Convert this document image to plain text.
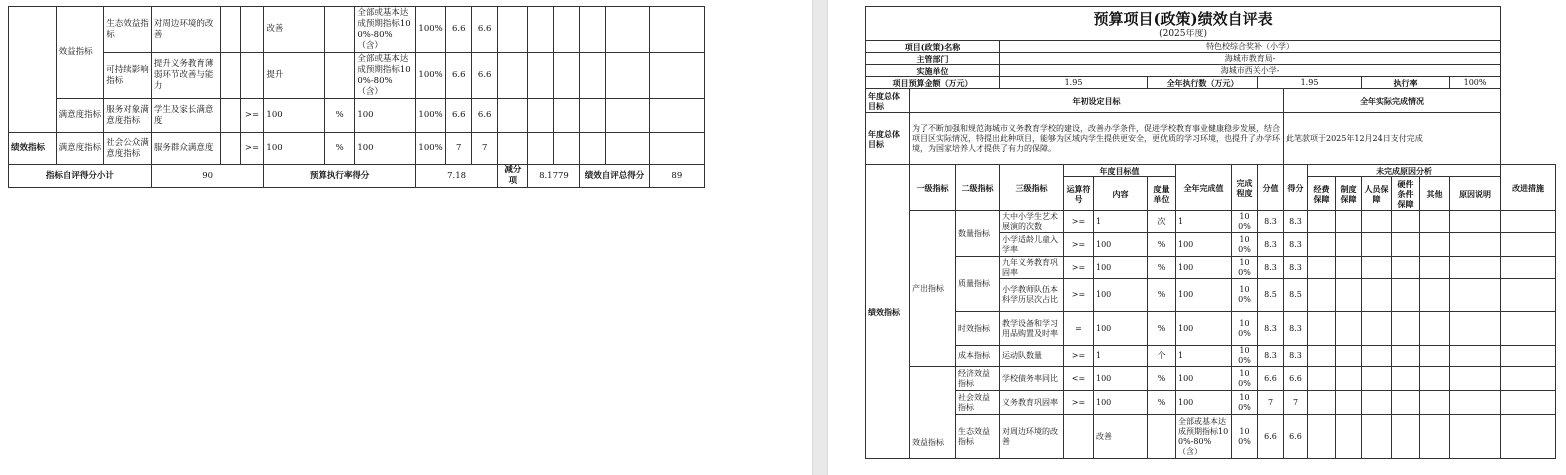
	效益指标	生态效益指标	对周边环境的改善			改善		全部或基本达成预期指标100%-80%（含）	100%	6.6	6.6						
		可持续影响指标	提升义务教育薄弱环节改善与能力			提升		全部或基本达成预期指标100%-80%（含）	100%	6.6	6.6						
	满意度指标	服务对象满意度指标	学生及家长满意度		>=	100	%	100	100%	6.6	6.6						
绩效指标	满意度指标	社会公众满意度指标	服务群众满意度		>=	100	%	100	100%	7	7						
指标自评得分小计			90			预算执行率得分			7.18			减分项	8.1779		绩效自评总得分		89
预算项目(政策)绩效自评表																	
(2025年度)																	
项目(政策)名称			特色校综合奖补（小学）														
主管部门			海城市教育局-														
实施单位			海城市西关小学-														
项目预算金额（万元）			1.95			全年执行数（万元）			1.95				执行率			100%	
年度总体目标	年初设定目标									全年实际完成情况							
年度总体目标	为了不断加强和规范海城市义务教育学校的建设，改善办学条件，促进学校教育事业健康稳步发展，结合项目区实际情况，特提出此种项目，能够为区域内学生提供更安全，更优质的学习环境，也提升了办学环境，为国家培养人才提供了有力的保障。									此笔款项于2025年12月24日支付完成							
绩效指标	一级指标	二级指标	三级指标	年度目标值			全年完成值	完成程度	分值	得分	未完成原因分析						改进措施
				运算符号	内容	度量单位					经费保障	制度保障	人员保障	硬件条件保障	其他	原因说明	

	产出指标	数量指标	大中小学生艺术展演的次数	>=	1	次	1	100%	8.3	8.3							
			小学适龄儿童入学率	>=	100	%	100	100%	8.3	8.3							
		质量指标	九年义务教育巩固率	>=	100	%	100	100%	8.3	8.3							
			小学教师队伍本科学历层次占比	>=	100	%	100	100%	8.5	8.5							
		时效指标	教学设备和学习用品购置及时率	=	100	%	100	100%	8.3	8.3							
		成本指标	运动队数量	>=	1	个	1	100%	8.3	8.3							
	效益指标	经济效益指标	学校债务率同比	<=	100	%	100	100%	6.6	6.6							
		社会效益指标	义务教育巩固率	>=	100	%	100	100%	7	7							
		生态效益指标	对周边环境的改善		改善		全部或基本达成预期指标100%-80%（含）	100%	6.6	6.6							
